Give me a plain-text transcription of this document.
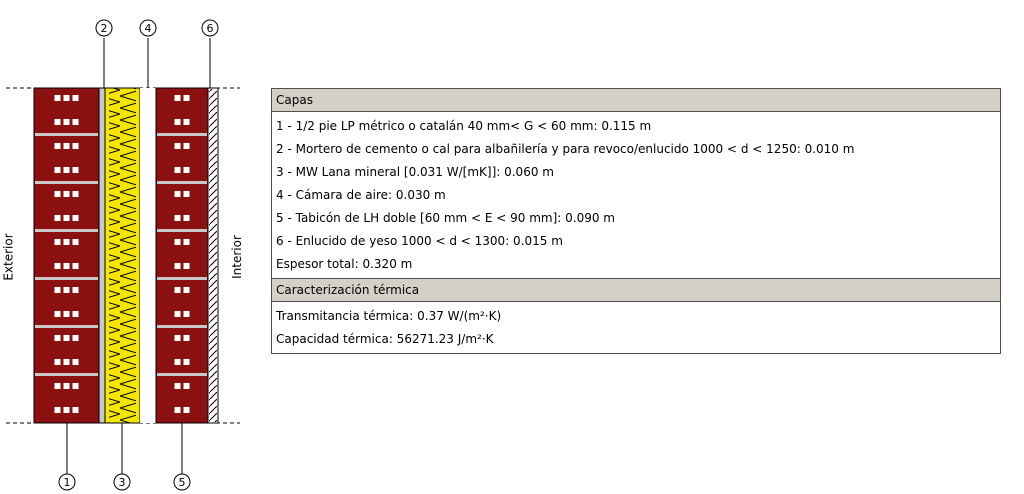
2	4	6
1	3	5
Exterior	Interior
Capas
1 - 1/2 pie LP métrico o catalán 40 mm< G < 60 mm: 0.115 m
2 - Mortero de cemento o cal para albañilería y para revoco/enlucido 1000 < d < 1250: 0.010 m
3 - MW Lana mineral [0.031 W/[mK]]: 0.060 m
4 - Cámara de aire: 0.030 m
5 - Tabicón de LH doble [60 mm < E < 90 mm]: 0.090 m
6 - Enlucido de yeso 1000 < d < 1300: 0.015 m
Espesor total: 0.320 m
Caracterización térmica
Transmitancia térmica: 0.37 W/(m²·K)
Capacidad térmica: 56271.23 J/m²·K
